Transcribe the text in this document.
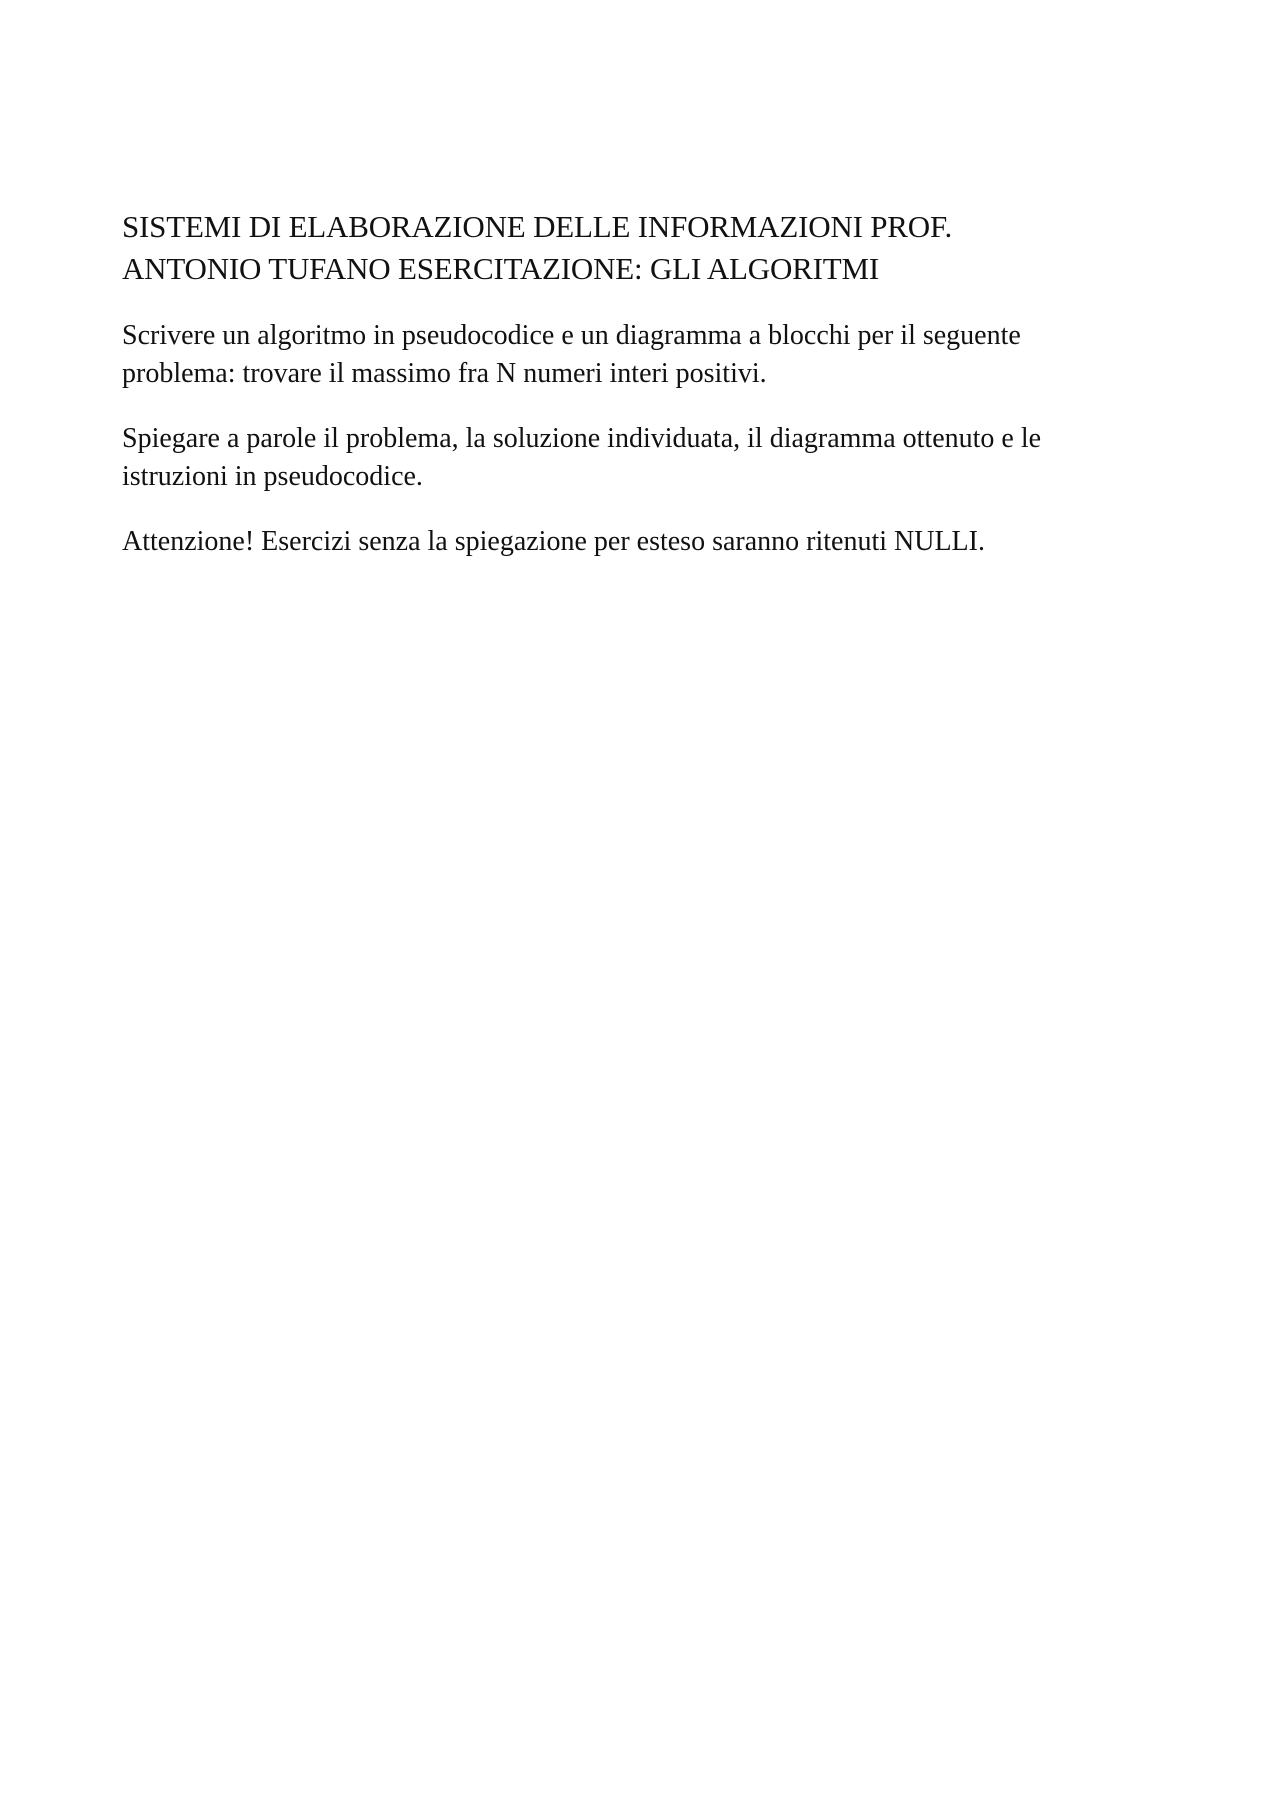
SISTEMI DI ELABORAZIONE DELLE INFORMAZIONI PROF.
ANTONIO TUFANO ESERCITAZIONE: GLI ALGORITMI

Scrivere un algoritmo in pseudocodice e un diagramma a blocchi per il seguente
problema: trovare il massimo fra N numeri interi positivi.

Spiegare a parole il problema, la soluzione individuata, il diagramma ottenuto e le
istruzioni in pseudocodice.

Attenzione! Esercizi senza la spiegazione per esteso saranno ritenuti NULLI.
